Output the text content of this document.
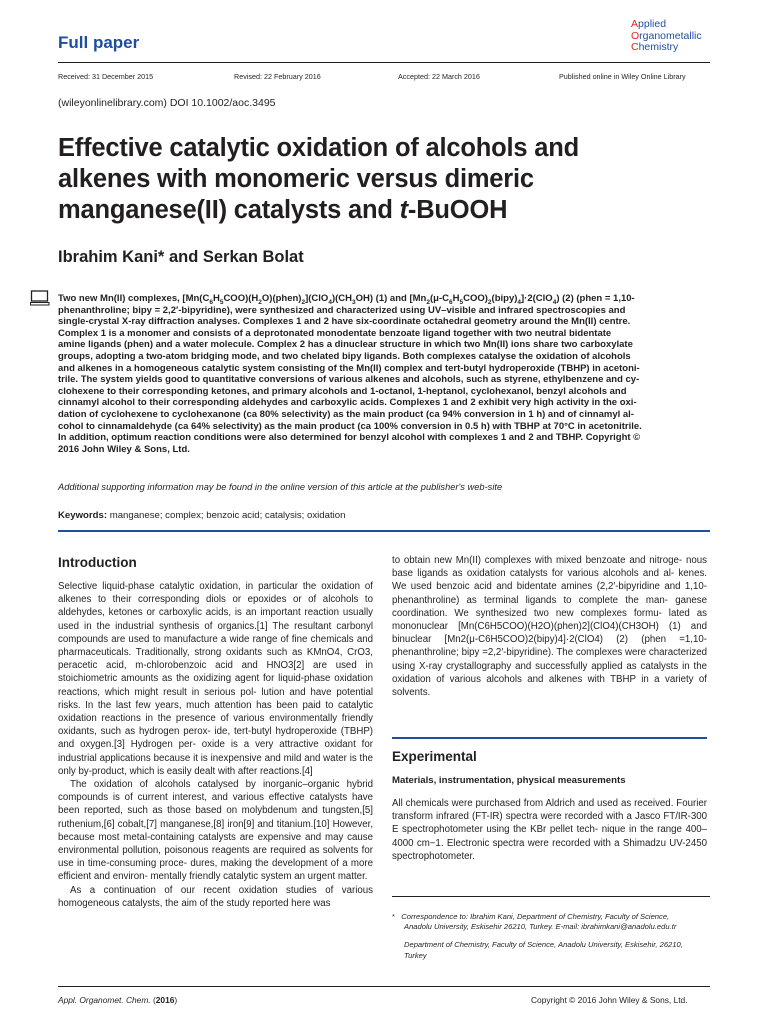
Full paper
Applied
Organometallic
Chemistry
Received: 31 December 2015	Revised: 22 February 2016	Accepted: 22 March 2016	Published online in Wiley Online Library
(wileyonlinelibrary.com) DOI 10.1002/aoc.3495
Effective catalytic oxidation of alcohols and
alkenes with monomeric versus dimeric
manganese(II) catalysts and t-BuOOH
Ibrahim Kani* and Serkan Bolat
Two new Mn(II) complexes, $[Mn(C_6H_5COO)(H_2O)(phen)_2](ClO_4)(CH_3OH)$ (1) and $[Mn_2(\mu-C_6H_5COO)_2(bipy)_4]\cdot 2(ClO_4)$ (2) (phen = 1,10-
phenanthroline; bipy = 2,2′-bipyridine), were synthesized and characterized using UV–visible and infrared spectroscopies and
single-crystal X-ray diffraction analyses. Complexes 1 and 2 have six-coordinate octahedral geometry around the Mn(II) centre.
Complex 1 is a monomer and consists of a deprotonated monodentate benzoate ligand together with two neutral bidentate
amine ligands (phen) and a water molecule. Complex 2 has a dinuclear structure in which two Mn(II) ions share two carboxylate
groups, adopting a two-atom bridging mode, and two chelated bipy ligands. Both complexes catalyse the oxidation of alcohols
and alkenes in a homogeneous catalytic system consisting of the Mn(II) complex and tert-butyl hydroperoxide (TBHP) in acetoni-
trile. The system yields good to quantitative conversions of various alkenes and alcohols, such as styrene, ethylbenzene and cy-
clohexene to their corresponding ketones, and primary alcohols and 1-octanol, 1-heptanol, cyclohexanol, benzyl alcohols and
cinnamyl alcohol to their corresponding aldehydes and carboxylic acids. Complexes 1 and 2 exhibit very high activity in the oxi-
dation of cyclohexene to cyclohexanone (ca 80% selectivity) as the main product (ca 94% conversion in 1 h) and of cinnamyl al-
cohol to cinnamaldehyde (ca 64% selectivity) as the main product (ca 100% conversion in 0.5 h) with TBHP at 70°C in acetonitrile.
In addition, optimum reaction conditions were also determined for benzyl alcohol with complexes 1 and 2 and TBHP. Copyright ©
2016 John Wiley & Sons, Ltd.
Additional supporting information may be found in the online version of this article at the publisher's web-site
Keywords: manganese; complex; benzoic acid; catalysis; oxidation
Introduction

Selective liquid-phase catalytic oxidation, in particular the oxidation of alkenes to their corresponding diols or epoxides or of alcohols to aldehydes, ketones or carboxylic acids, is an important reaction usually used in the industrial synthesis of organics.[1] The resultant carbonyl compounds are used to manufacture a wide range of fine chemicals and pharmaceuticals. Traditionally, strong oxidants such as KMnO4, CrO3, peracetic acid, m-chlorobenzoic acid and HNO3[2] are used in stoichiometric amounts as the oxidizing agent for liquid-phase oxidation reactions, which might result in serious pol- lution and have potential risks. In the last few years, much attention has been paid to catalytic oxidation reactions in the presence of various environmentally friendly oxidants, such as hydrogen perox- ide, tert-butyl hydroperoxide (TBHP) and oxygen.[3] Hydrogen per- oxide is a very attractive oxidant for industrial applications because it is inexpensive and mild and water is the only by-product, which is easily dealt with after reactions.[4]

The oxidation of alcohols catalysed by inorganic–organic hybrid compounds is of current interest, and various effective catalysts have been reported, such as those based on molybdenum and tungsten,[5] ruthenium,[6] cobalt,[7] manganese,[8] iron[9] and titanium.[10] However, because most metal-containing catalysts are expensive and may cause environmental pollution, poisonous reagents are required as solvents for use in time-consuming proce- dures, making the development of a more efficient and environ- mentally friendly catalytic system an urgent matter.

As a continuation of our recent oxidation studies of various homogeneous catalysts, the aim of the study reported here was

to obtain new Mn(II) complexes with mixed benzoate and nitroge- nous base ligands as oxidation catalysts for various alcohols and al- kenes. We used benzoic acid and bidentate amines (2,2′-bipyridine and 1,10-phenanthroline) as terminal ligands to complete the man- ganese coordination. We synthesized two new complexes formu- lated as mononuclear [Mn(C6H5COO)(H2O)(phen)2](ClO4)(CH3OH) (1) and binuclear [Mn2(μ-C6H5COO)2(bipy)4]·2(ClO4) (2) (phen =1,10-phenanthroline; bipy =2,2′-bipyridine). The complexes were characterized using X-ray crystallography and successfully applied as catalysts in the oxidation of various alcohols and alkenes with TBHP in a variety of solvents.

Experimental
Materials, instrumentation, physical measurements

All chemicals were purchased from Aldrich and used as received. Fourier transform infrared (FT-IR) spectra were recorded with a Jasco FT/IR-300 E spectrophotometer using the KBr pellet tech- nique in the range 400–4000 cm−1. Electronic spectra were recorded with a Shimadzu UV-2450 spectrophotometer.

*   Correspondence to: Ibrahim Kani, Department of Chemistry, Faculty of Science,
Anadolu University, Eskisehir 26210, Turkey. E-mail: ibrahimkani@anadolu.edu.tr
Department of Chemistry, Faculty of Science, Anadolu University, Eskisehir, 26210,
Turkey
Appl. Organomet. Chem. (2016)	Copyright © 2016 John Wiley & Sons, Ltd.
